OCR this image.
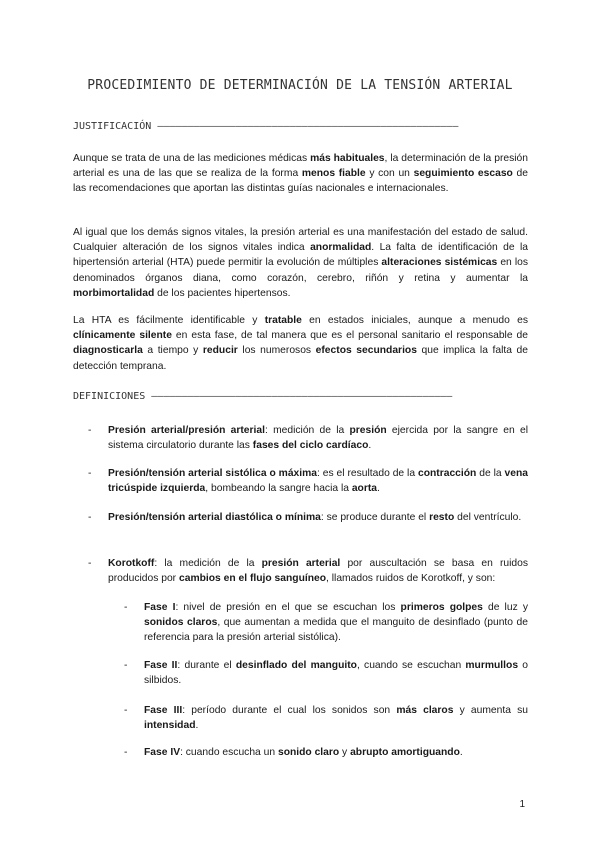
PROCEDIMIENTO DE DETERMINACIÓN DE LA TENSIÓN ARTERIAL
JUSTIFICACIÓN ––––––––––––––––––––––––––––––––––––––––––––––––––
Aunque se trata de una de las mediciones médicas más habituales, la determinación de la presión arterial es una de las que se realiza de la forma menos fiable y con un seguimiento escaso de las recomendaciones que aportan las distintas guías nacionales e internacionales.
Al igual que los demás signos vitales, la presión arterial es una manifestación del estado de salud. Cualquier alteración de los signos vitales indica anormalidad. La falta de identificación de la hipertensión arterial (HTA) puede permitir la evolución de múltiples alteraciones sistémicas en los denominados órganos diana, como corazón, cerebro, riñón y retina y aumentar la morbimortalidad de los pacientes hipertensos.
La HTA es fácilmente identificable y tratable en estados iniciales, aunque a menudo es clínicamente silente en esta fase, de tal manera que es el personal sanitario el responsable de diagnosticarla a tiempo y reducir los numerosos efectos secundarios que implica la falta de detección temprana.
DEFINICIONES ––––––––––––––––––––––––––––––––––––––––––––––––––
- Presión arterial/presión arterial: medición de la presión ejercida por la sangre en el sistema circulatorio durante las fases del ciclo cardíaco.
- Presión/tensión arterial sistólica o máxima: es el resultado de la contracción de la vena tricúspide izquierda, bombeando la sangre hacia la aorta.
- Presión/tensión arterial diastólica o mínima: se produce durante el resto del ventrículo.
- Korotkoff: la medición de la presión arterial por auscultación se basa en ruidos producidos por cambios en el flujo sanguíneo, llamados ruidos de Korotkoff, y son:
- Fase I: nivel de presión en el que se escuchan los primeros golpes de luz y sonidos claros, que aumentan a medida que el manguito de desinflado (punto de referencia para la presión arterial sistólica).
- Fase II: durante el desinflado del manguito, cuando se escuchan murmullos o silbidos.
- Fase III: período durante el cual los sonidos son más claros y aumenta su intensidad.
- Fase IV: cuando escucha un sonido claro y abrupto amortiguando.
1
